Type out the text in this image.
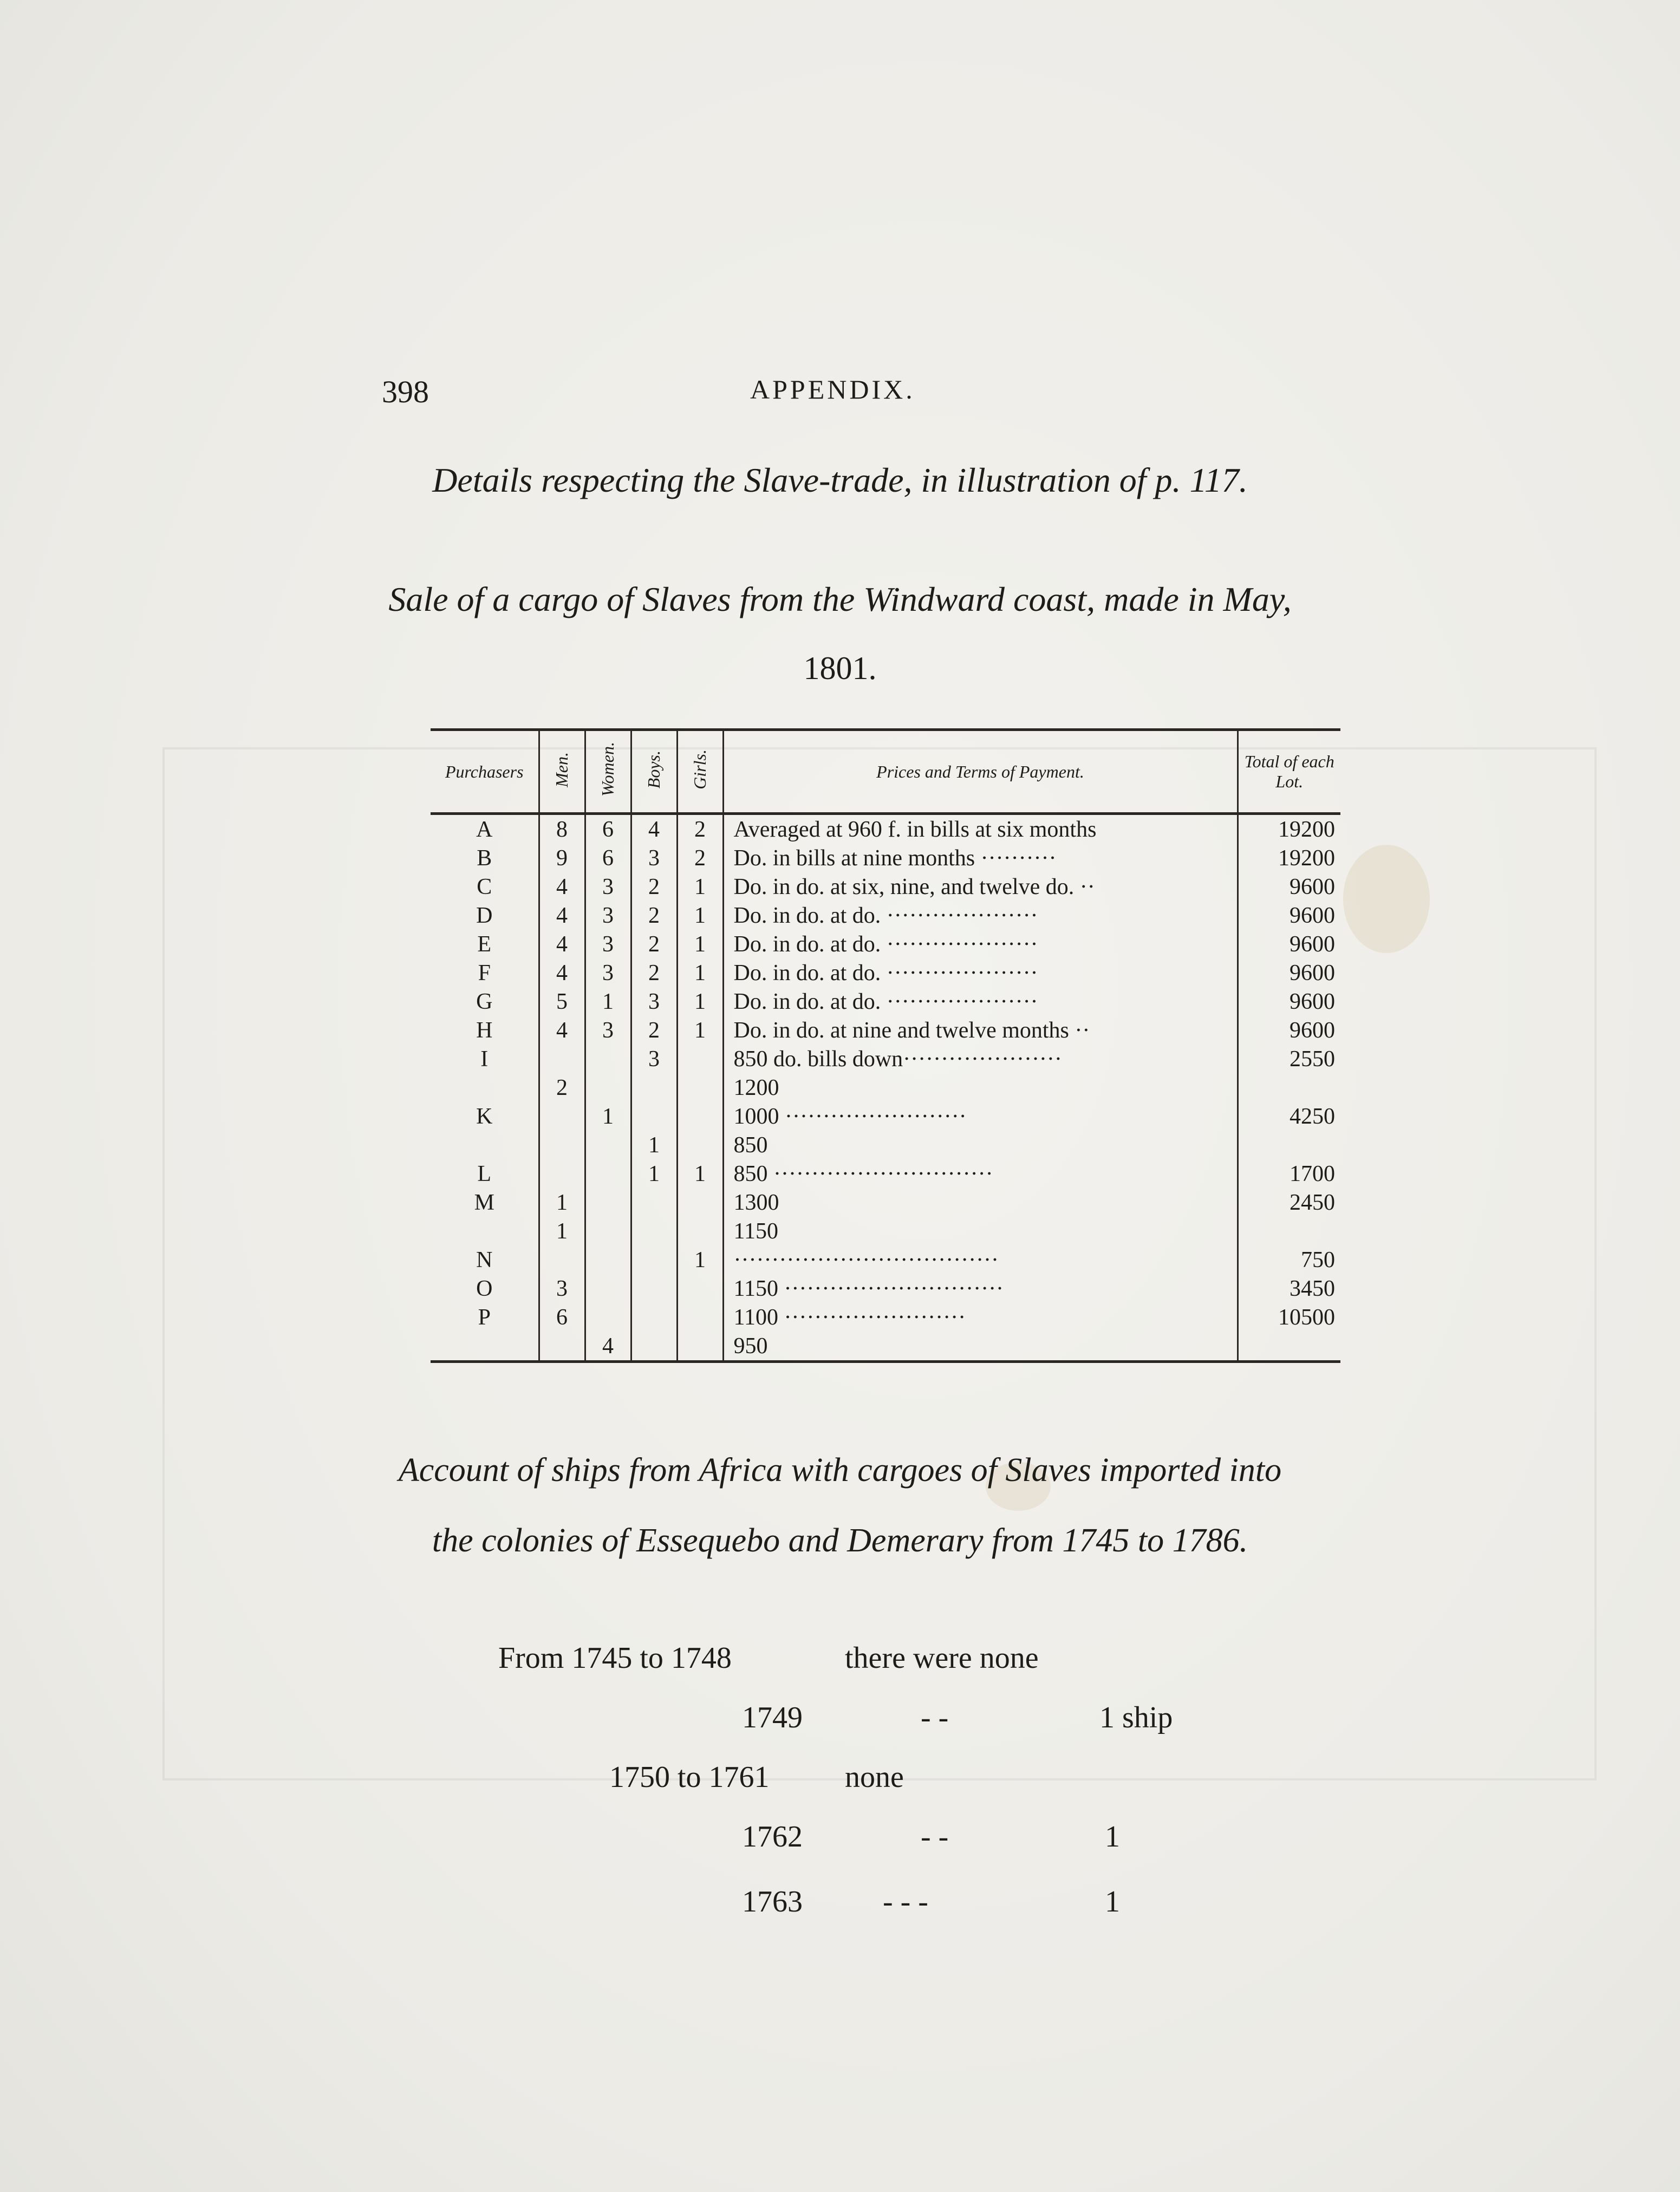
398	APPENDIX.
Details respecting the Slave-trade, in illustration of p. 117.
Sale of a cargo of Slaves from the Windward coast, made in May,
1801.
Purchasers	Men.	Women.	Boys.	Girls.	Prices and Terms of Payment.	Total of each Lot.
A	8	6	4	2	Averaged at 960 f. in bills at six months	19200
B	9	6	3	2	Do. in bills at nine months ··········	19200
C	4	3	2	1	Do. in do. at six, nine, and twelve do. ··	9600
D	4	3	2	1	Do. in do. at do. ····················	9600
E	4	3	2	1	Do. in do. at do. ····················	9600
F	4	3	2	1	Do. in do. at do. ····················	9600
G	5	1	3	1	Do. in do. at do. ····················	9600
H	4	3	2	1	Do. in do. at nine and twelve months ··	9600
I			3		850 do. bills down·····················	2550
	2				1200	
K		1			1000 ························	4250
			1		850	
L			1	1	850 ·····························	1700
M	1				1300	2450
	1				1150	
N				1	···································	750
O	3				1150 ·····························	3450
P	6				1100 ························	10500
		4			950	
Account of ships from Africa with cargoes of Slaves imported into
the colonies of Essequebo and Demerary from 1745 to 1786.
From 1745 to 1748	there were none
1749	- -	1 ship
1750 to 1761 none
1762	- -	1
1763	- - -	1
